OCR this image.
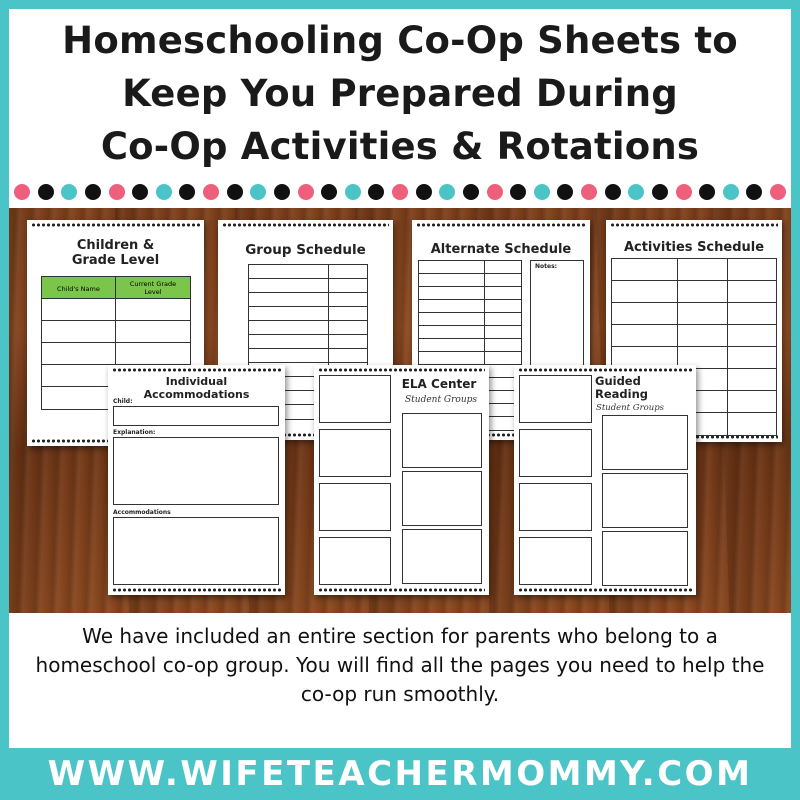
Homeschooling Co-Op Sheets to
Keep You Prepared During
Co-Op Activities & Rotations
Children & Grade Level
Child's Name
Current Grade Level
Group Schedule	Alternate Schedule
Notes:
Activities Schedule
Individual Accommodations
Child:
Explanation:
Accommodations
ELA Center
Student Groups
Guided Reading
Student Groups
We have included an entire section for parents who belong to a homeschool co-op group. You will find all the pages you need to help the co-op run smoothly.
WWW.WIFETEACHERMOMMY.COM
